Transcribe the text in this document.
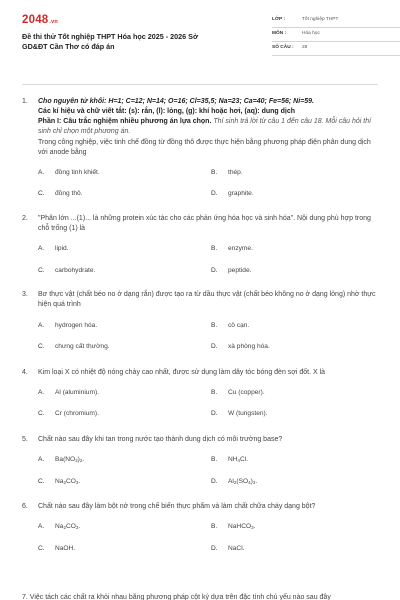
2048.vn
Đề thi thử Tốt nghiệp THPT Hóa học 2025 - 2026 Sở
GD&ĐT Cần Thơ có đáp án
LỚP :	Tốt nghiệp THPT
MÔN :	Hóa học
SỐ CÂU :	28
1. Cho nguyên tử khối: H=1; C=12; N=14; O=16; Cl=35,5; Na=23; Ca=40; Fe=56; Ni=59.
Các kí hiệu và chữ viết tắt: (s): rắn, (l): lỏng, (g): khí hoặc hơi, (aq): dung dịch
Phần I: Câu trắc nghiệm nhiều phương án lựa chọn. Thí sinh trả lời từ câu 1 đến câu 18. Mỗi câu hỏi thí sinh chỉ chọn một phương án.
Trong công nghiệp, việc tinh chế đồng từ đồng thô được thực hiện bằng phương pháp điện phân dung dịch với anode bằng
A.	đồng tinh khiết.	B.	thép.
C.	đồng thô.	D.	graphite.
2. "Phân lớn ...(1)... là những protein xúc tác cho các phản ứng hóa học và sinh hóa". Nội dung phù hợp trong chỗ trống (1) là
A.	lipid.	B.	enzyme.
C.	carbohydrate.	D.	peptide.
3. Bơ thực vật (chất béo no ở dạng rắn) được tạo ra từ dầu thực vật (chất béo không no ở dạng lỏng) nhờ thực hiện quá trình
A.	hydrogen hóa.	B.	cô cạn.
C.	chưng cất thường.	D.	xà phòng hóa.
4. Kim loại X có nhiệt độ nóng chảy cao nhất, được sử dụng làm dây tóc bóng đèn sợi đốt. X là
A.	Al (aluminium).	B.	Cu (copper).
C.	Cr (chromium).	D.	W (tungsten).
5. Chất nào sau đây khi tan trong nước tạo thành dung dịch có môi trường base?
A.	$Ba(NO_3)_2$.	B.	$NH_4Cl$.
C.	$Na_2CO_3$.	D.	$Al_2(SO_4)_3$.
6. Chất nào sau đây làm bột nở trong chế biến thực phẩm và làm chất chữa cháy dạng bột?
A.	$Na_2CO_3$.	B.	NaHCO$_3$.
C.	NaOH.	D.	NaCl.
7. Việc tách các chất ra khỏi nhau bằng phương pháp cột ký dựa trên đặc tính chủ yếu nào sau đây
